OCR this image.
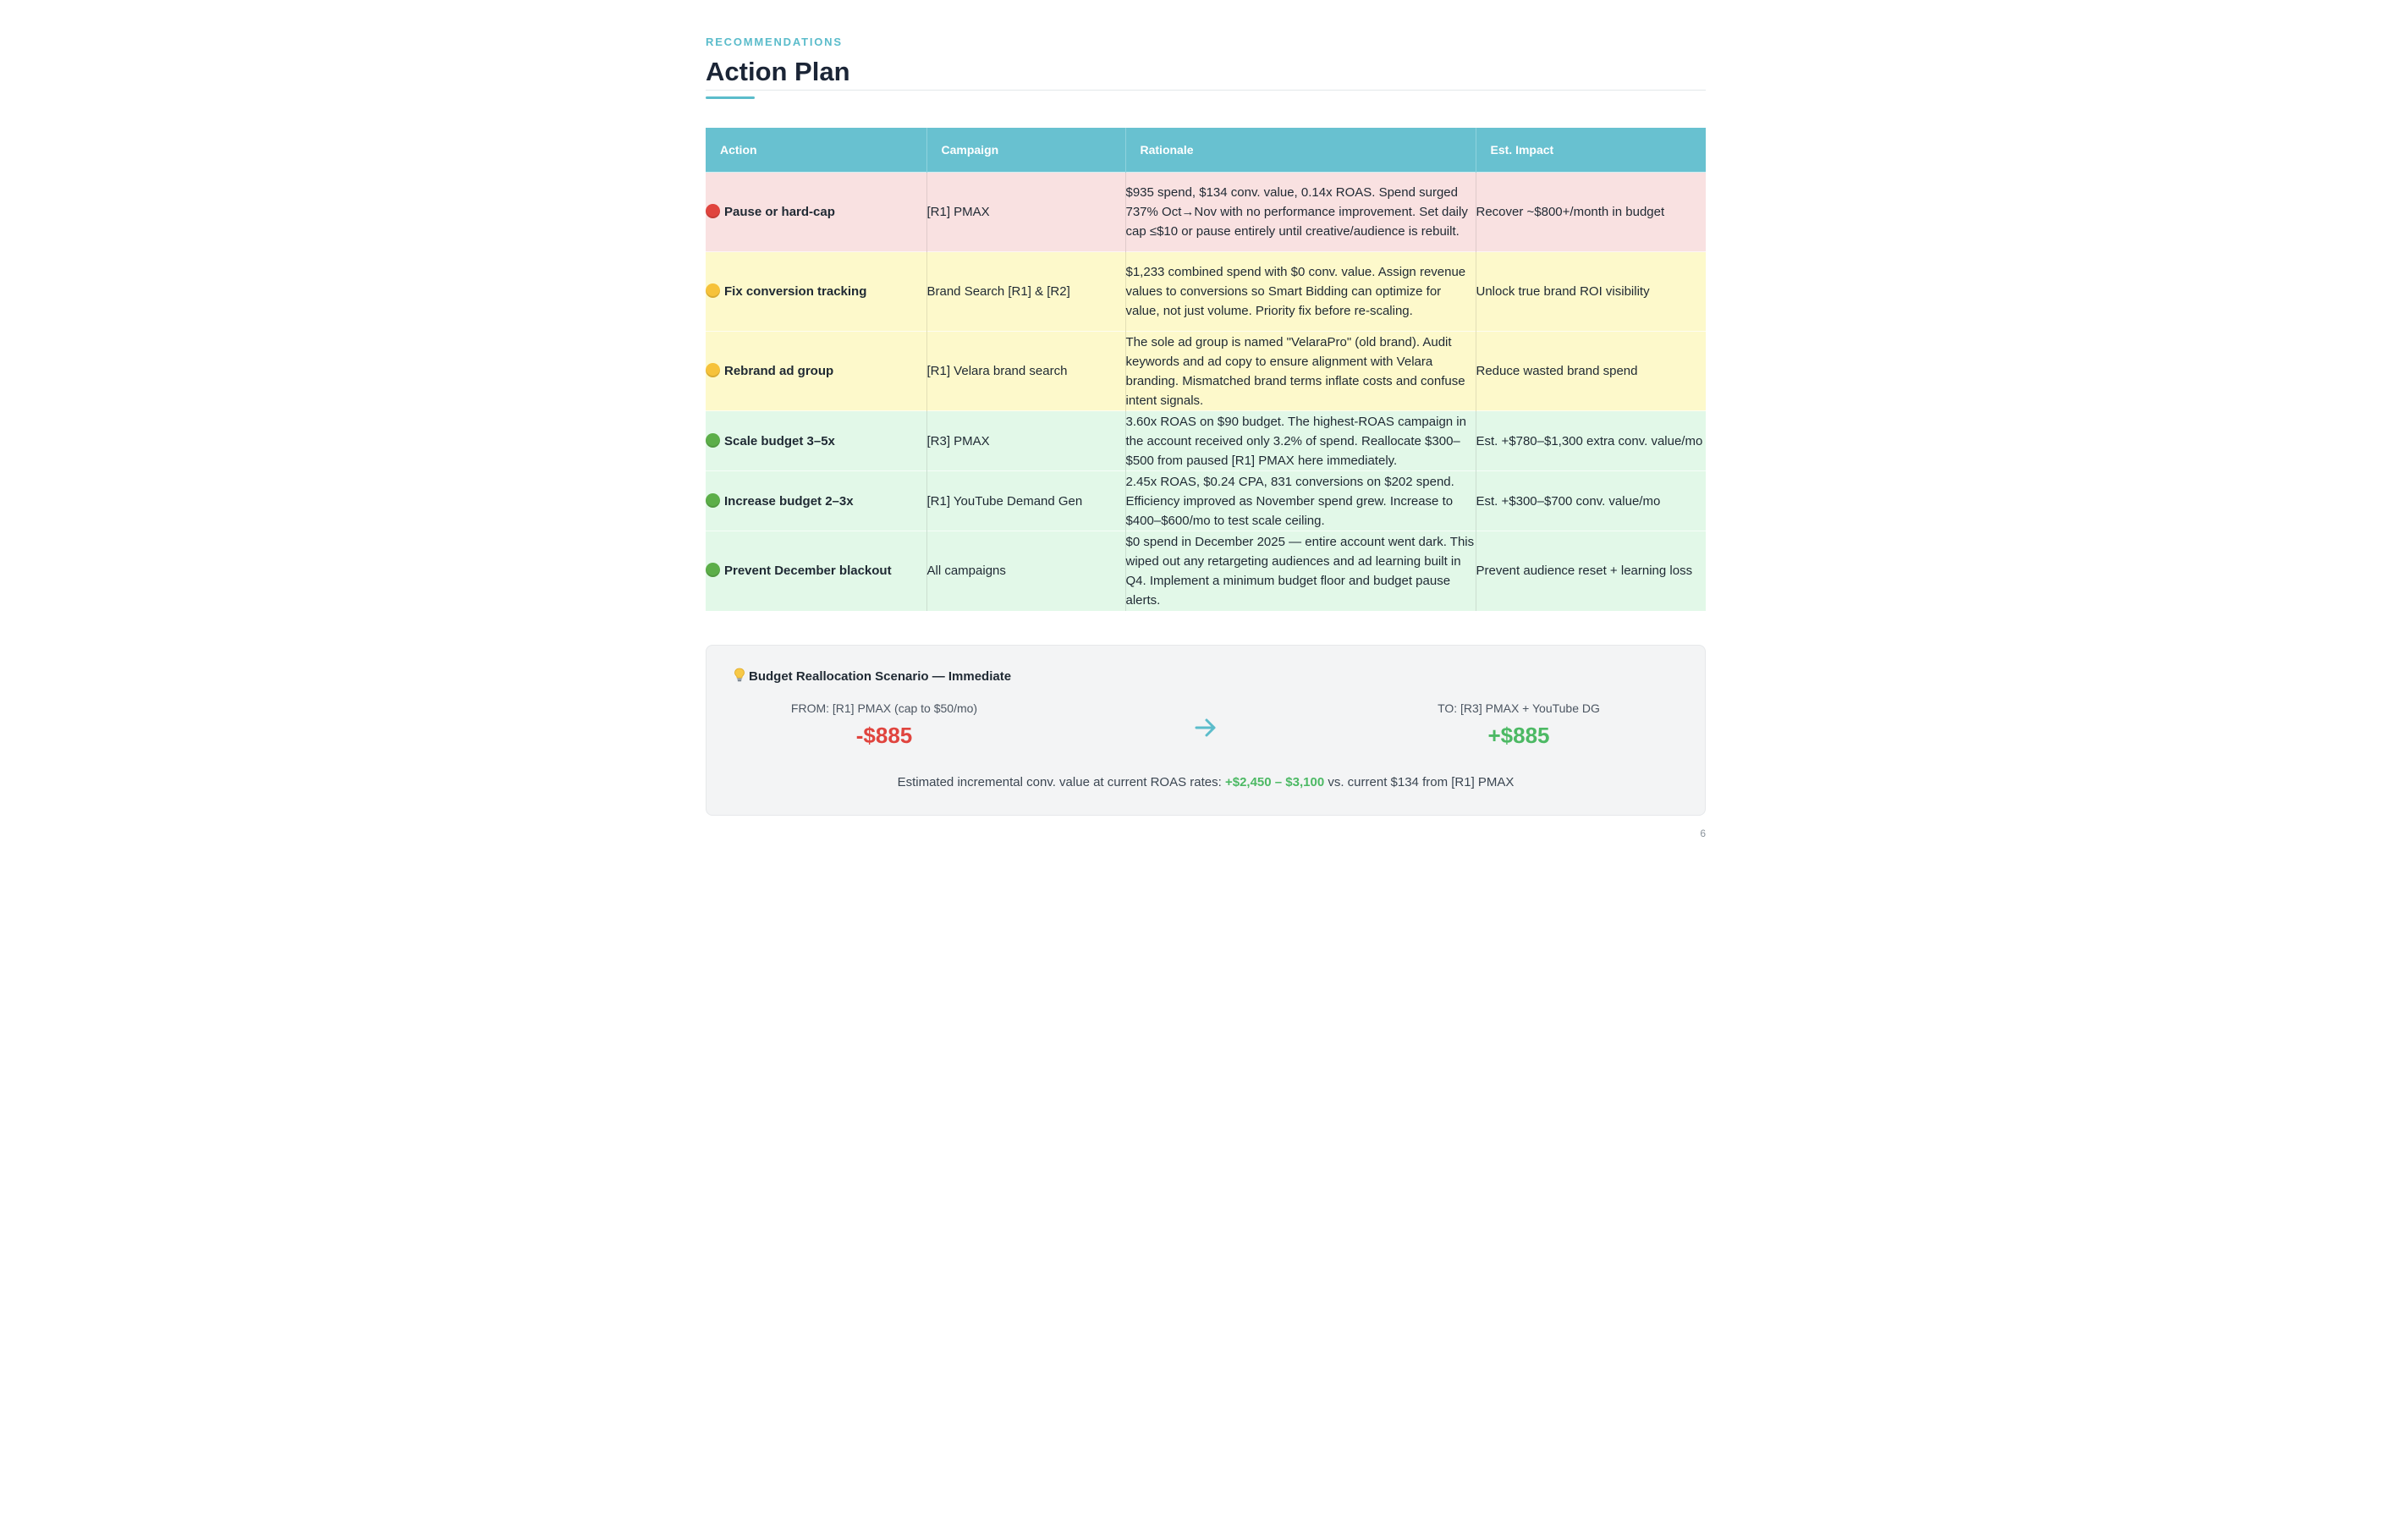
RECOMMENDATIONS
Action Plan
Action	Campaign	Rationale	Est. Impact
Pause or hard-cap	[R1] PMAX	$935 spend, $134 conv. value, 0.14x ROAS. Spend surged 737% Oct→Nov with no performance improvement. Set daily cap ≤$10 or pause entirely until creative/audience is rebuilt.	Recover ~$800+/month in budget
Fix conversion tracking	Brand Search [R1] & [R2]	$1,233 combined spend with $0 conv. value. Assign revenue values to conversions so Smart Bidding can optimize for value, not just volume. Priority fix before re-scaling.	Unlock true brand ROI visibility
Rebrand ad group	[R1] Velara brand search	The sole ad group is named "VelaraPro" (old brand). Audit keywords and ad copy to ensure alignment with Velara branding. Mismatched brand terms inflate costs and confuse intent signals.	Reduce wasted brand spend
Scale budget 3–5x	[R3] PMAX	3.60x ROAS on $90 budget. The highest-ROAS campaign in the account received only 3.2% of spend. Reallocate $300–$500 from paused [R1] PMAX here immediately.	Est. +$780–$1,300 extra conv. value/mo
Increase budget 2–3x	[R1] YouTube Demand Gen	2.45x ROAS, $0.24 CPA, 831 conversions on $202 spend. Efficiency improved as November spend grew. Increase to $400–$600/mo to test scale ceiling.	Est. +$300–$700 conv. value/mo
Prevent December blackout	All campaigns	$0 spend in December 2025 — entire account went dark. This wiped out any retargeting audiences and ad learning built in Q4. Implement a minimum budget floor and budget pause alerts.	Prevent audience reset + learning loss
Budget Reallocation Scenario — Immediate
FROM: [R1] PMAX (cap to $50/mo)
-$885
TO: [R3] PMAX + YouTube DG
+$885
Estimated incremental conv. value at current ROAS rates: +$2,450 – $3,100 vs. current $134 from [R1] PMAX
6
